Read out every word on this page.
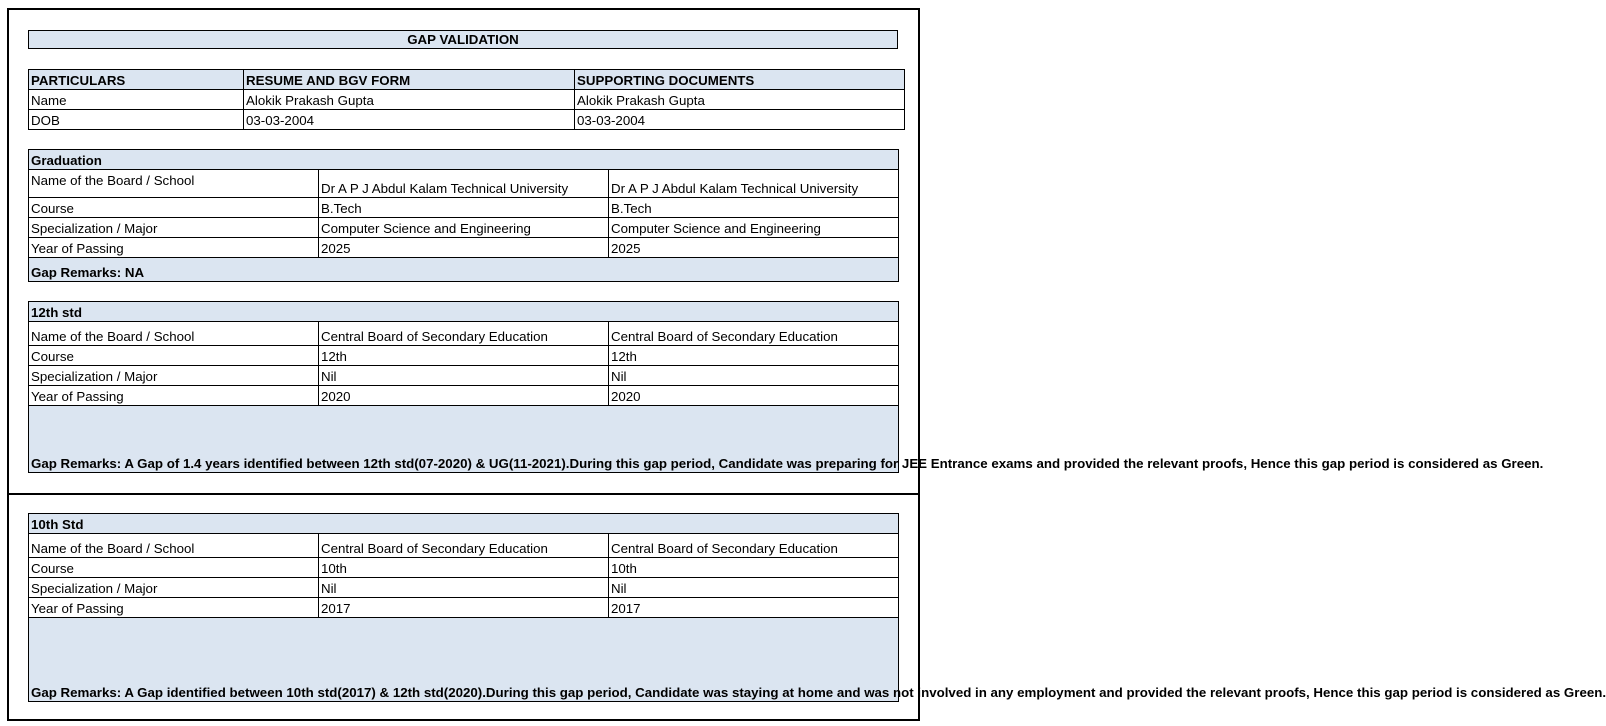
GAP VALIDATION
PARTICULARS	RESUME AND BGV FORM	SUPPORTING DOCUMENTS
Name	Alokik Prakash Gupta	Alokik Prakash Gupta
DOB	03-03-2004	03-03-2004
Graduation		
Name of the Board / School	Dr A P J Abdul Kalam Technical University	Dr A P J Abdul Kalam Technical University
Course	B.Tech	B.Tech
Specialization / Major	Computer Science and Engineering	Computer Science and Engineering
Year of Passing	2025	2025
Gap Remarks: NA		
12th std		
Name of the Board / School	Central Board of Secondary Education	Central Board of Secondary Education
Course	12th	12th
Specialization / Major	Nil	Nil
Year of Passing	2020	2020
Gap Remarks: A Gap of 1.4 years identified between 12th std(07-2020) & UG(11-2021).During this gap period, Candidate was preparing for JEE Entrance exams and provided the relevant proofs, Hence this gap period is considered as Green.		
10th Std		
Name of the Board / School	Central Board of Secondary Education	Central Board of Secondary Education
Course	10th	10th
Specialization / Major	Nil	Nil
Year of Passing	2017	2017
Gap Remarks: A Gap identified between 10th std(2017) & 12th std(2020).During this gap period, Candidate was staying at home and was not involved in any employment and provided the relevant proofs, Hence this gap period is considered as Green.		
